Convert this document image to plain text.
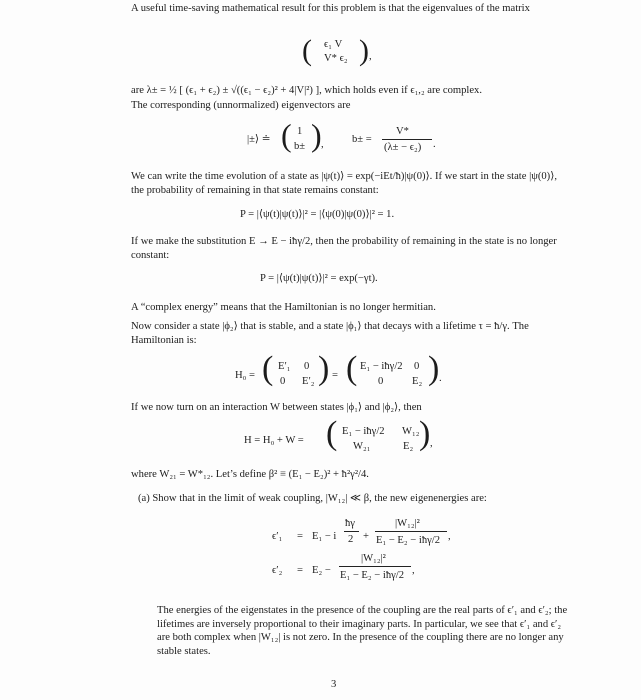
A useful time-saving mathematical result for this problem is that the eigenvalues of the matrix
( ϵ₁ V
V* ϵ₂ ) ,
are λ± = ½ [ (ϵ₁ + ϵ₂) ± √((ϵ₁ − ϵ₂)² + 4|V|²) ], which holds even if ϵ₁,₂ are complex.
The corresponding (unnormalized) eigenvectors are
|±⟩ ≐ ( 1
b± ) ,	b± =
V*
(λ± − ϵ₂) .
We can write the time evolution of a state as |ψ(t)⟩ = exp(−iEt/ħ)|ψ(0)⟩. If we start in the state |ψ(0)⟩, the probability of remaining in that state remains constant:
P = |⟨ψ(t)|ψ(t)⟩|² = |⟨ψ(0)|ψ(0)⟩|² = 1.
If we make the substitution E → E − iħγ/2, then the probability of remaining in the state is no longer constant:
P = |⟨ψ(t)|ψ(t)⟩|² = exp(−γt).
A “complex energy” means that the Hamiltonian is no longer hermitian.
Now consider a state |ϕ₂⟩ that is stable, and a state |ϕ₁⟩ that decays with a lifetime τ = ħ/γ. The Hamiltonian is:
H₀ = ( E′₁ 0
0 E′₂ ) = ( E₁ − iħγ/2 0
0	E₂ ) .
If we now turn on an interaction W between states |ϕ₁⟩ and |ϕ₂⟩, then
H = H₀ + W = ( E₁ − iħγ/2 W₁₂
W₂₁	E₂ ) ,
where W₂₁ = W*₁₂. Let’s define β² ≡ (E₁ − E₂)² + ħ²γ²/4.
(a) Show that in the limit of weak coupling, |W₁₂| ≪ β, the new eigenenergies are:
ϵ′₁ = E₁ − i
ħγ
2 +
|W₁₂|²
E₁ − E₂ − iħγ/2 ,
ϵ′₂ = E₂ −
|W₁₂|²
E₁ − E₂ − iħγ/2 ,
The energies of the eigenstates in the presence of the coupling are the real parts of ϵ′₁ and ϵ′₂; the lifetimes are inversely proportional to their imaginary parts. In particular, we see that ϵ′₁ and ϵ′₂ are both complex when |W₁₂| is not zero. In the presence of the coupling there are no longer any stable states.
3
